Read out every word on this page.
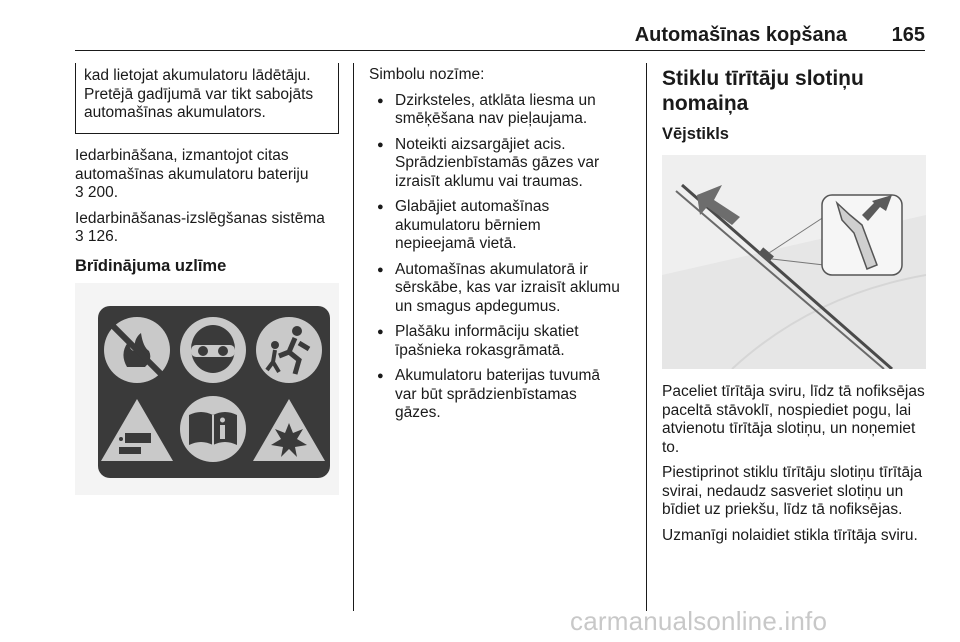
Automašīnas kopšana 165
kad lietojat akumulatoru lādētāju.
Pretējā gadījumā var tikt sabojāts
automašīnas akumulators.
Iedarbināšana, izmantojot citas
automašīnas akumulatoru bateriju
3 200.
Iedarbināšanas-izslēgšanas sistēma
3 126.
Brīdinājuma uzlīme
Simbolu nozīme:
● Dzirksteles, atklāta liesma un
smēķēšana nav pieļaujama.
● Noteikti aizsargājiet acis.
Sprādzienbīstamās gāzes var
izraisīt aklumu vai traumas.
● Glabājiet automašīnas
akumulatoru bērniem
nepieejamā vietā.
● Automašīnas akumulatorā ir
sērskābe, kas var izraisīt aklumu
un smagus apdegumus.
● Plašāku informāciju skatiet
īpašnieka rokasgrāmatā.
● Akumulatoru baterijas tuvumā
var būt sprādzienbīstamas
gāzes.
Stiklu tīrītāju slotiņu
nomaiņa
Vējstikls
Paceliet tīrītāja sviru, līdz tā nofiksējas
paceltā stāvoklī, nospiediet pogu, lai
atvienotu tīrītāja slotiņu, un noņemiet
to.
Piestiprinot stiklu tīrītāju slotiņu tīrītāja
svirai, nedaudz sasveriet slotiņu un
bīdiet uz priekšu, līdz tā nofiksējas.
Uzmanīgi nolaidiet stikla tīrītāja sviru.
carmanualsonline.info
